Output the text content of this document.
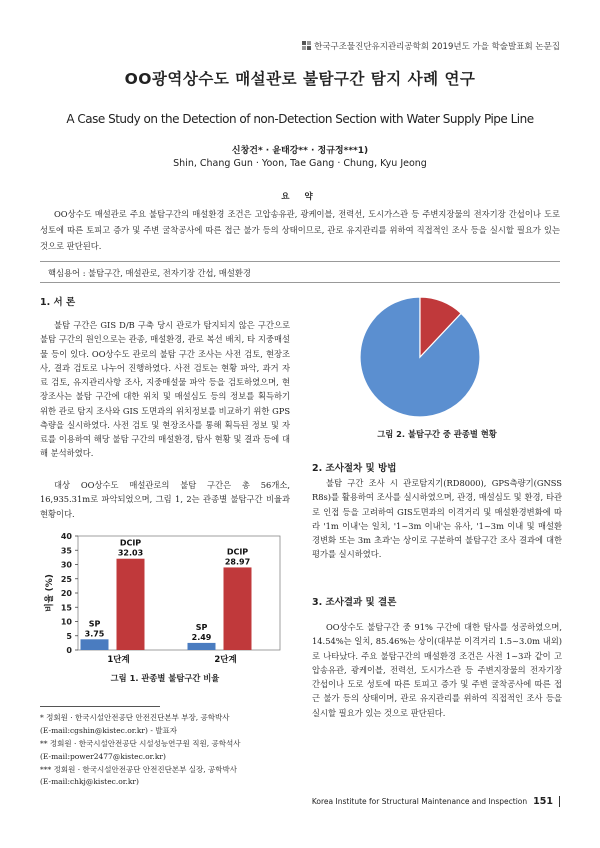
한국구조물진단유지관리공학회 2019년도 가을 학술발표회 논문집
OO광역상수도 매설관로 불탐구간 탐지 사례 연구
A Case Study on the Detection of non-Detection Section with Water Supply Pipe Line
신창건* · 윤태강** · 정규정***1)
Shin, Chang Gun · Yoon, Tae Gang · Chung, Kyu Jeong
요 약
OO상수도 매설관로 주요 불탐구간의 매설환경 조건은 고압송유관, 광케이블, 전력선, 도시가스관 등 주변지장물의 전자기장 간섭이나 도로 성토에 따른 토피고 증가 및 주변 굴착공사에 따른 접근 불가 등의 상태이므로, 관로 유지관리를 위하여 직접적인 조사 등을 실시할 필요가 있는 것으로 판단된다.
핵심용어 : 불탐구간, 매설관로, 전자기장 간섭, 매설환경
1. 서 론
불탐 구간은 GIS D/B 구축 당시 관로가 탐지되지 않은 구간으로 불탐 구간의 원인으로는 관종, 매설환경, 관로 복선 배치, 타 지중매설물 등이 있다. OO상수도 관로의 불탐 구간 조사는 사전 검토, 현장조사, 결과 검토로 나누어 진행하였다. 사전 검토는 현황 파악, 과거 자료 검토, 유지관리사항 조사, 지중매설물 파악 등을 검토하였으며, 현장조사는 불탐 구간에 대한 위치 및 매설심도 등의 정보를 획득하기 위한 관로 탐지 조사와 GIS 도면과의 위치정보를 비교하기 위한 GPS 측량을 실시하였다. 사전 검토 및 현장조사를 통해 획득된 정보 및 자료를 이용하여 해당 불탐 구간의 매설환경, 탐사 현황 및 결과 등에 대해 분석하였다.
대상 OO상수도 매설관로의 불탐 구간은 총 56개소, 16,935.31m로 파악되었으며, 그림 1, 2는 관종별 불탐구간 비율과 현황이다.
0
5
10
15
20
25
30
35
40
비율 (%)
SP
3.75
DCIP
32.03
1단계
SP
2.49
DCIP
28.97
2단계
그림 1. 관종별 불탐구간 비율
* 정회원 · 한국시설안전공단 안전진단본부 부장, 공학박사
(E-mail:cgshin@kistec.or.kr) - 발표자
** 정회원 · 한국시설안전공단 시설성능연구원 직원, 공학석사
(E-mail:power2477@kistec.or.kr)
*** 정회원 · 한국시설안전공단 안전진단본부 실장, 공학박사
(E-mail:chkj@kistec.or.kr)
그림 2. 불탐구간 중 관종별 현황
2. 조사절차 및 방법
불탐 구간 조사 시 관로탐지기(RD8000), GPS측량기(GNSS R8s)를 활용하여 조사를 실시하였으며, 관경, 매설심도 및 환경, 타관로 인접 등을 고려하여 GIS도면과의 이격거리 및 매설환경변화에 따라 '1m 이내'는 일치, '1~3m 이내'는 유사, '1~3m 이내 및 매설환경변화 또는 3m 초과'는 상이로 구분하여 불탐구간 조사 결과에 대한 평가를 실시하였다.
3. 조사결과 및 결론
OO상수도 불탐구간 중 91% 구간에 대한 탐사를 성공하였으며, 14.54%는 일치, 85.46%는 상이(대부분 이격거리 1.5~3.0m 내외)로 나타났다. 주요 불탐구간의 매설환경 조건은 사전 1~3과 같이 고압송유관, 광케이블, 전력선, 도시가스관 등 주변지장물의 전자기장 간섭이나 도로 성토에 따른 토피고 증가 및 주변 굴착공사에 따른 접근 불가 등의 상태이며, 관로 유지관리를 위하여 직접적인 조사 등을 실시할 필요가 있는 것으로 판단된다.
Korea Institute for Structural Maintenance and Inspection 151
